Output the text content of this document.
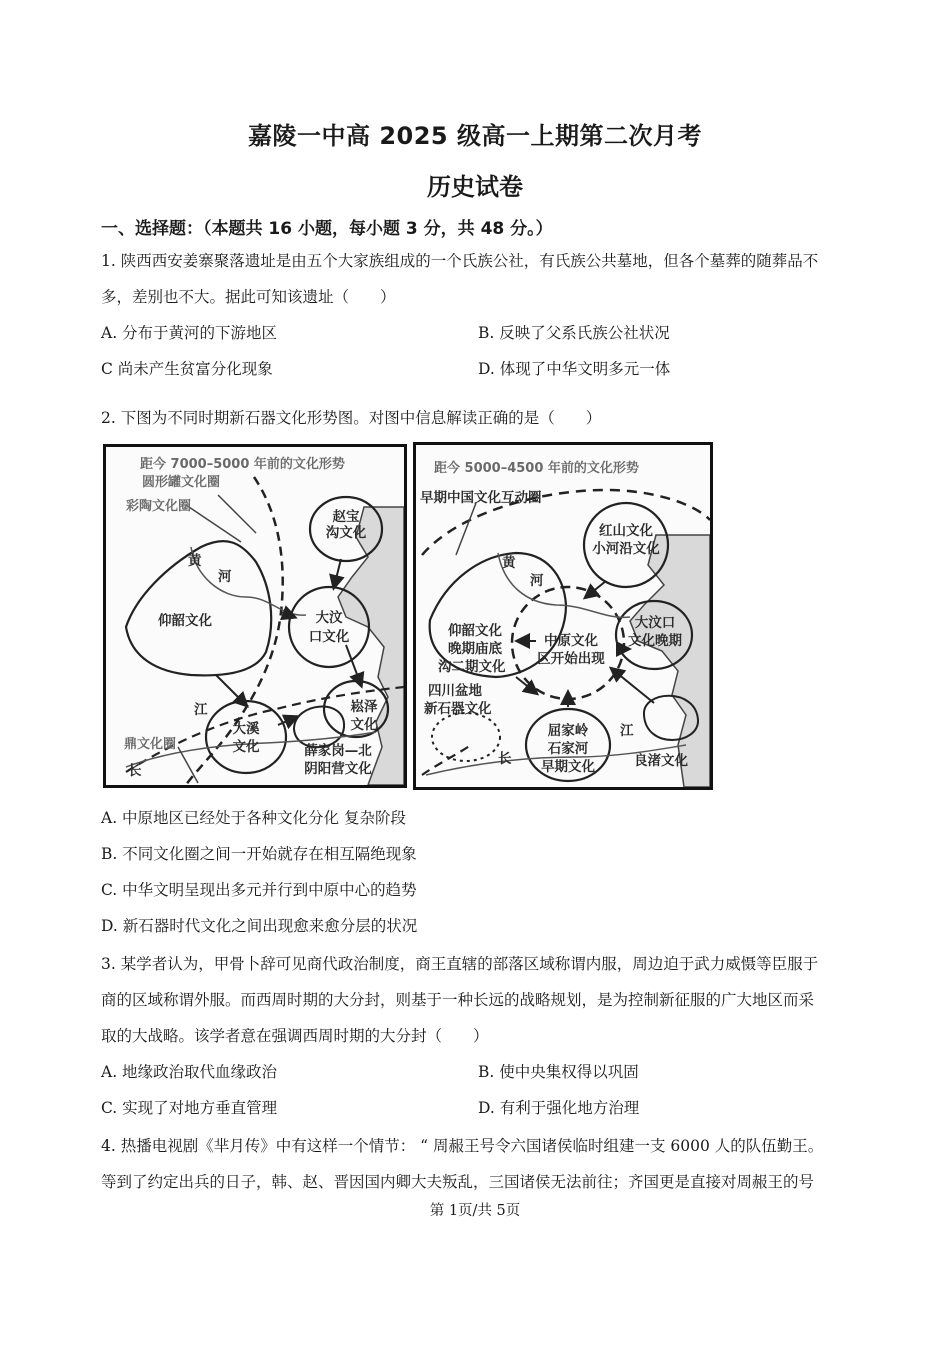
嘉陵一中高 2025 级高一上期第二次月考
历史试卷
一、选择题：（本题共 16 小题，每小题 3 分，共 48 分。）
1. 陕西西安姜寨聚落遗址是由五个大家族组成的一个氏族公社，有氏族公共墓地，但各个墓葬的随葬品不
多，差别也不大。据此可知该遗址（　　）
A. 分布于黄河的下游地区	B. 反映了父系氏族公社状况
C 尚未产生贫富分化现象	D. 体现了中华文明多元一体
2. 下图为不同时期新石器文化形势图。对图中信息解读正确的是（　　）
距今 7000–5000 年前的文化形势
圆形罐文化圈
彩陶文化圈
黄
河
仰韶文化
赵宝
沟文化
大汶
口文化
江
大溪
文化
崧泽
文化
鼎文化圈
长
薛家岗—北
阴阳营文化
距今 5000–4500 年前的文化形势
早期中国文化互动圈
红山文化
小河沿文化
黄
河
大汶口
文化晚期
仰韶文化
晚期庙底
沟二期文化
中原文化
区开始出现
四川盆地
新石器文化
屈家岭
石家河
早期文化
江
长	良渚文化
A. 中原地区已经处于各种文化分化 复杂阶段
B. 不同文化圈之间一开始就存在相互隔绝现象
C. 中华文明呈现出多元并行到中原中心的趋势
D. 新石器时代文化之间出现愈来愈分层的状况
3. 某学者认为，甲骨卜辞可见商代政治制度，商王直辖的部落区域称谓内服，周边迫于武力威慑等臣服于
商的区域称谓外服。而西周时期的大分封，则基于一种长远的战略规划，是为控制新征服的广大地区而采
取的大战略。该学者意在强调西周时期的大分封（　　）
A. 地缘政治取代血缘政治	B. 使中央集权得以巩固
C. 实现了对地方垂直管理	D. 有利于强化地方治理
4. 热播电视剧《芈月传》中有这样一个情节： “ 周赧王号令六国诸侯临时组建一支 6000 人的队伍勤王。
等到了约定出兵的日子，韩、赵、晋因国内卿大夫叛乱，三国诸侯无法前往；齐国更是直接对周赧王的号
第 1页/共 5页
